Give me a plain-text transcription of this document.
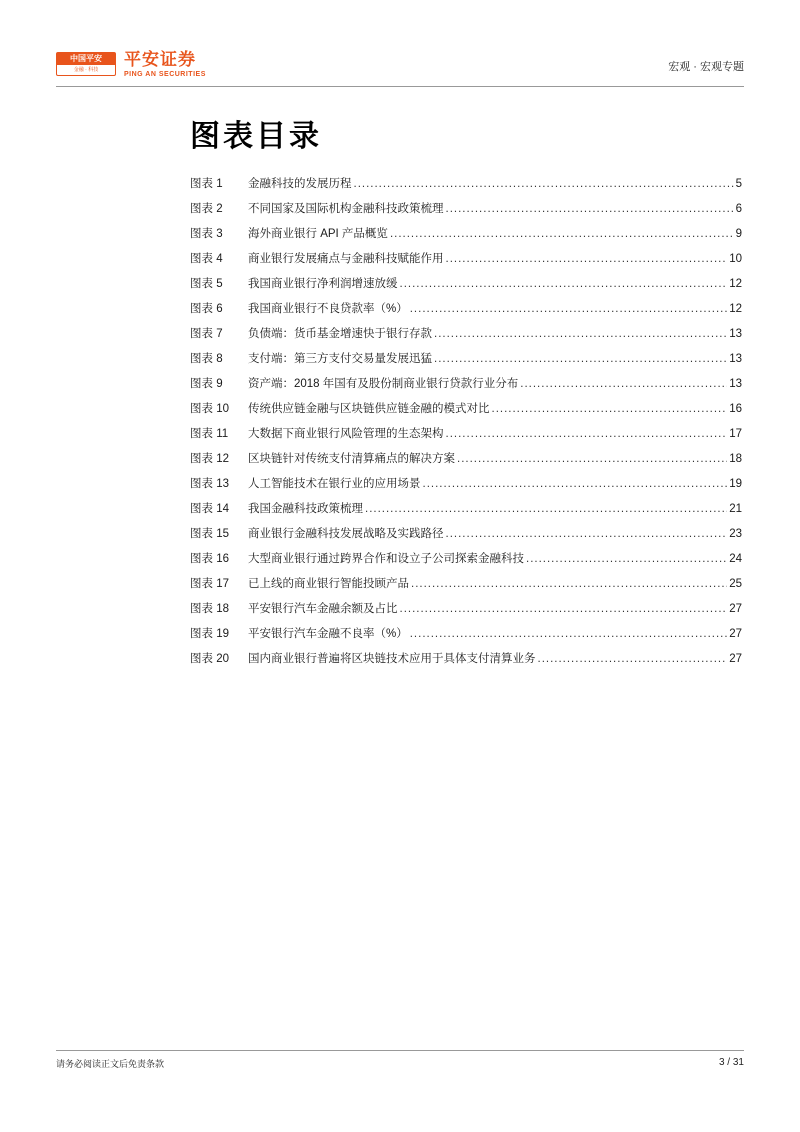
中国平安
金融 · 科技
平安证券
PING AN SECURITIES
宏观 · 宏观专题
图表目录
图表 1	金融科技的发展历程 .....	5
图表 2	不同国家及国际机构金融科技政策梳理 .....	6
图表 3	海外商业银行 API 产品概览 .....	9
图表 4	商业银行发展痛点与金融科技赋能作用 .....	10
图表 5	我国商业银行净利润增速放缓 .....	12
图表 6	我国商业银行不良贷款率（%） .....	12
图表 7	负债端：货币基金增速快于银行存款 .....	13
图表 8	支付端：第三方支付交易量发展迅猛 .....	13
图表 9	资产端：2018 年国有及股份制商业银行贷款行业分布 .....	13
图表 10	传统供应链金融与区块链供应链金融的模式对比 .....	16
图表 11	大数据下商业银行风险管理的生态架构 .....	17
图表 12	区块链针对传统支付清算痛点的解决方案 .....	18
图表 13	人工智能技术在银行业的应用场景 .....	19
图表 14	我国金融科技政策梳理 .....	21
图表 15	商业银行金融科技发展战略及实践路径 .....	23
图表 16	大型商业银行通过跨界合作和设立子公司探索金融科技 .....	24
图表 17	已上线的商业银行智能投顾产品 .....	25
图表 18	平安银行汽车金融余额及占比 .....	27
图表 19	平安银行汽车金融不良率（%） .....	27
图表 20	国内商业银行普遍将区块链技术应用于具体支付清算业务 .....	27
请务必阅读正文后免责条款	3 / 31
